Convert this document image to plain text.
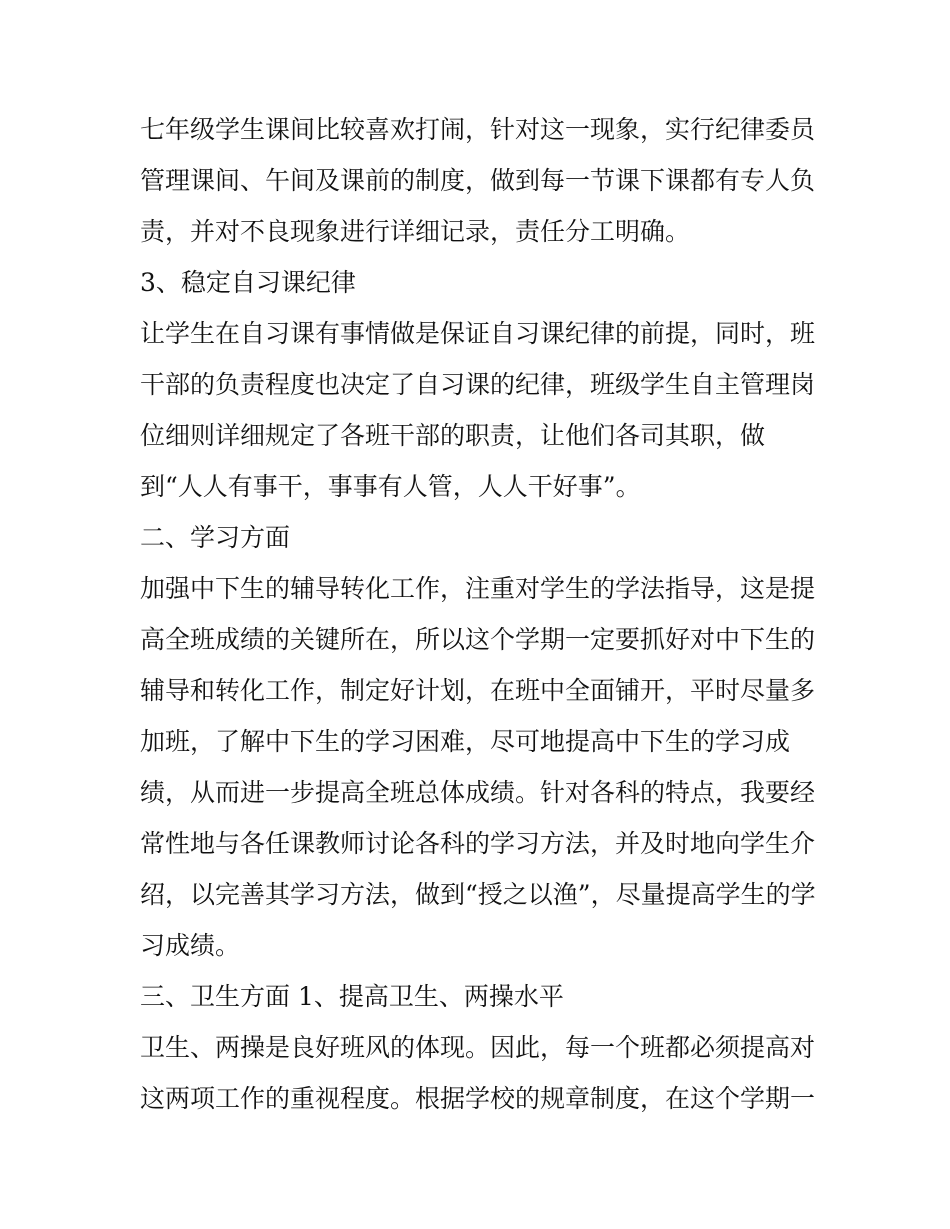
七年级学生课间比较喜欢打闹，针对这一现象，实行纪律委员
管理课间、午间及课前的制度，做到每一节课下课都有专人负
责，并对不良现象进行详细记录，责任分工明确。
3、稳定自习课纪律
让学生在自习课有事情做是保证自习课纪律的前提，同时，班
干部的负责程度也决定了自习课的纪律，班级学生自主管理岗
位细则详细规定了各班干部的职责，让他们各司其职，做
到“人人有事干，事事有人管，人人干好事”。
二、学习方面
加强中下生的辅导转化工作，注重对学生的学法指导，这是提
高全班成绩的关键所在，所以这个学期一定要抓好对中下生的
辅导和转化工作，制定好计划，在班中全面铺开，平时尽量多
加班，了解中下生的学习困难，尽可地提高中下生的学习成
绩，从而进一步提高全班总体成绩。针对各科的特点，我要经
常性地与各任课教师讨论各科的学习方法，并及时地向学生介
绍，以完善其学习方法，做到“授之以渔”，尽量提高学生的学
习成绩。
三、卫生方面 1、提高卫生、两操水平
卫生、两操是良好班风的体现。因此，每一个班都必须提高对
这两项工作的重视程度。根据学校的规章制度，在这个学期一
